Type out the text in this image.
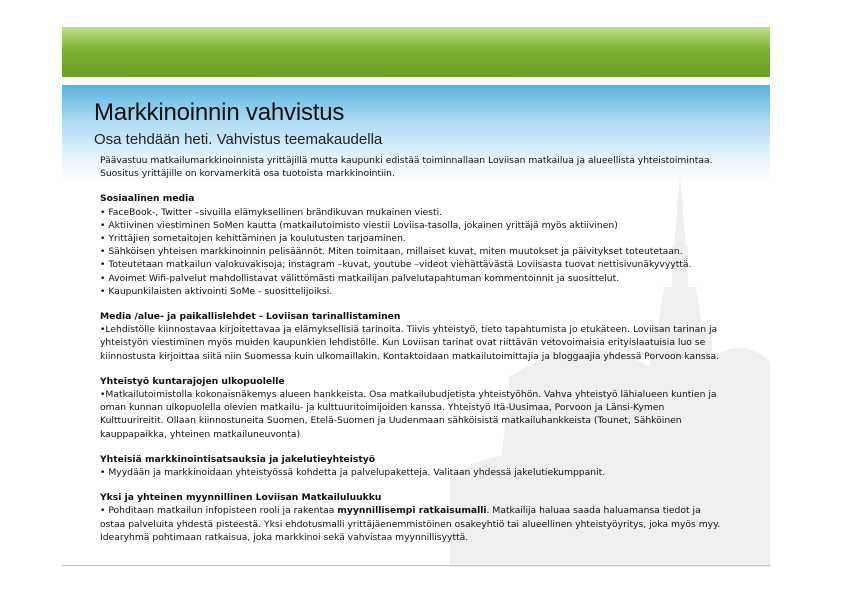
Markkinoinnin vahvistus
Osa tehdään heti. Vahvistus teemakaudella

Päävastuu matkailumarkkinoinnista yrittäjillä mutta kaupunki edistää toiminnallaan Loviisan matkailua ja alueellista yhteistoimintaa.

Suositus yrittäjille on korvamerkitä osa tuotoista markkinointiin.

Sosiaalinen media

• FaceBook-, Twitter –sivuilla elämyksellinen brändikuvan mukainen viesti.
• Aktiivinen viestiminen SoMen kautta (matkailutoimisto viestii Loviisa-tasolla, jokainen yrittäjä myös aktiivinen)
• Yrittäjien sometaitojen kehittäminen ja koulutusten tarjoaminen.
• Sähköisen yhteisen markkinoinnin pelisäännöt. Miten toimitaan, millaiset kuvat, miten muutokset ja päivitykset toteutetaan.
• Toteutetaan matkailun valokuvakisoja; instagram –kuvat, youtube –videot viehättävästä Loviisasta tuovat nettisivunäkyvyyttä.
• Avoimet Wifi-palvelut mahdollistavat välittömästi matkailijan palvelutapahtuman kommentoinnit ja suosittelut.
• Kaupunkilaisten aktivointi SoMe - suosittelijoiksi.

Media /alue- ja paikallislehdet - Loviisan tarinallistaminen

•Lehdistölle kiinnostavaa kirjoitettavaa ja elämyksellisiä tarinoita. Tiivis yhteistyö, tieto tapahtumista jo etukäteen. Loviisan tarinan ja

yhteistyön viestiminen myös muiden kaupunkien lehdistölle. Kun Loviisan tarinat ovat riittävän vetovoimaisia erityislaatuisia luo se

kiinnostusta kirjoittaa siitä niin Suomessa kuin ulkomaillakin. Kontaktoidaan matkailutoimittajia ja bloggaajia yhdessä Porvoon kanssa.

Yhteistyö kuntarajojen ulkopuolelle

•Matkailutoimistolla kokonaisnäkemys alueen hankkeista. Osa matkailubudjetista yhteistyöhön. Vahva yhteistyö lähialueen kuntien ja

oman kunnan ulkopuolella olevien matkailu- ja kulttuuritoimijoiden kanssa. Yhteistyö Itä-Uusimaa, Porvoon ja Länsi-Kymen

Kulttuurireitit. Ollaan kiinnostuneita Suomen, Etelä-Suomen ja Uudenmaan sähköisistä matkailuhankkeista (Tounet, Sähköinen

kauppapaikka, yhteinen matkailuneuvonta)

Yhteisiä markkinointisatsauksia ja jakelutieyhteistyö

• Myydään ja markkinoidaan yhteistyössä kohdetta ja palvelupaketteja. Valitaan yhdessä jakelutiekumppanit.

Yksi ja yhteinen myynnillinen Loviisan Matkailuluukku

• Pohditaan matkailun infopisteen rooli ja rakentaa myynnillisempi ratkaisumalli. Matkailija haluaa saada haluamansa tiedot ja

ostaa palveluita yhdestä pisteestä. Yksi ehdotusmalli yrittäjäenemmistöinen osakeyhtiö tai alueellinen yhteistyöyritys, joka myös myy.

Idearyhmä pohtimaan ratkaisua, joka markkinoi sekä vahvistaa myynnillisyyttä.
